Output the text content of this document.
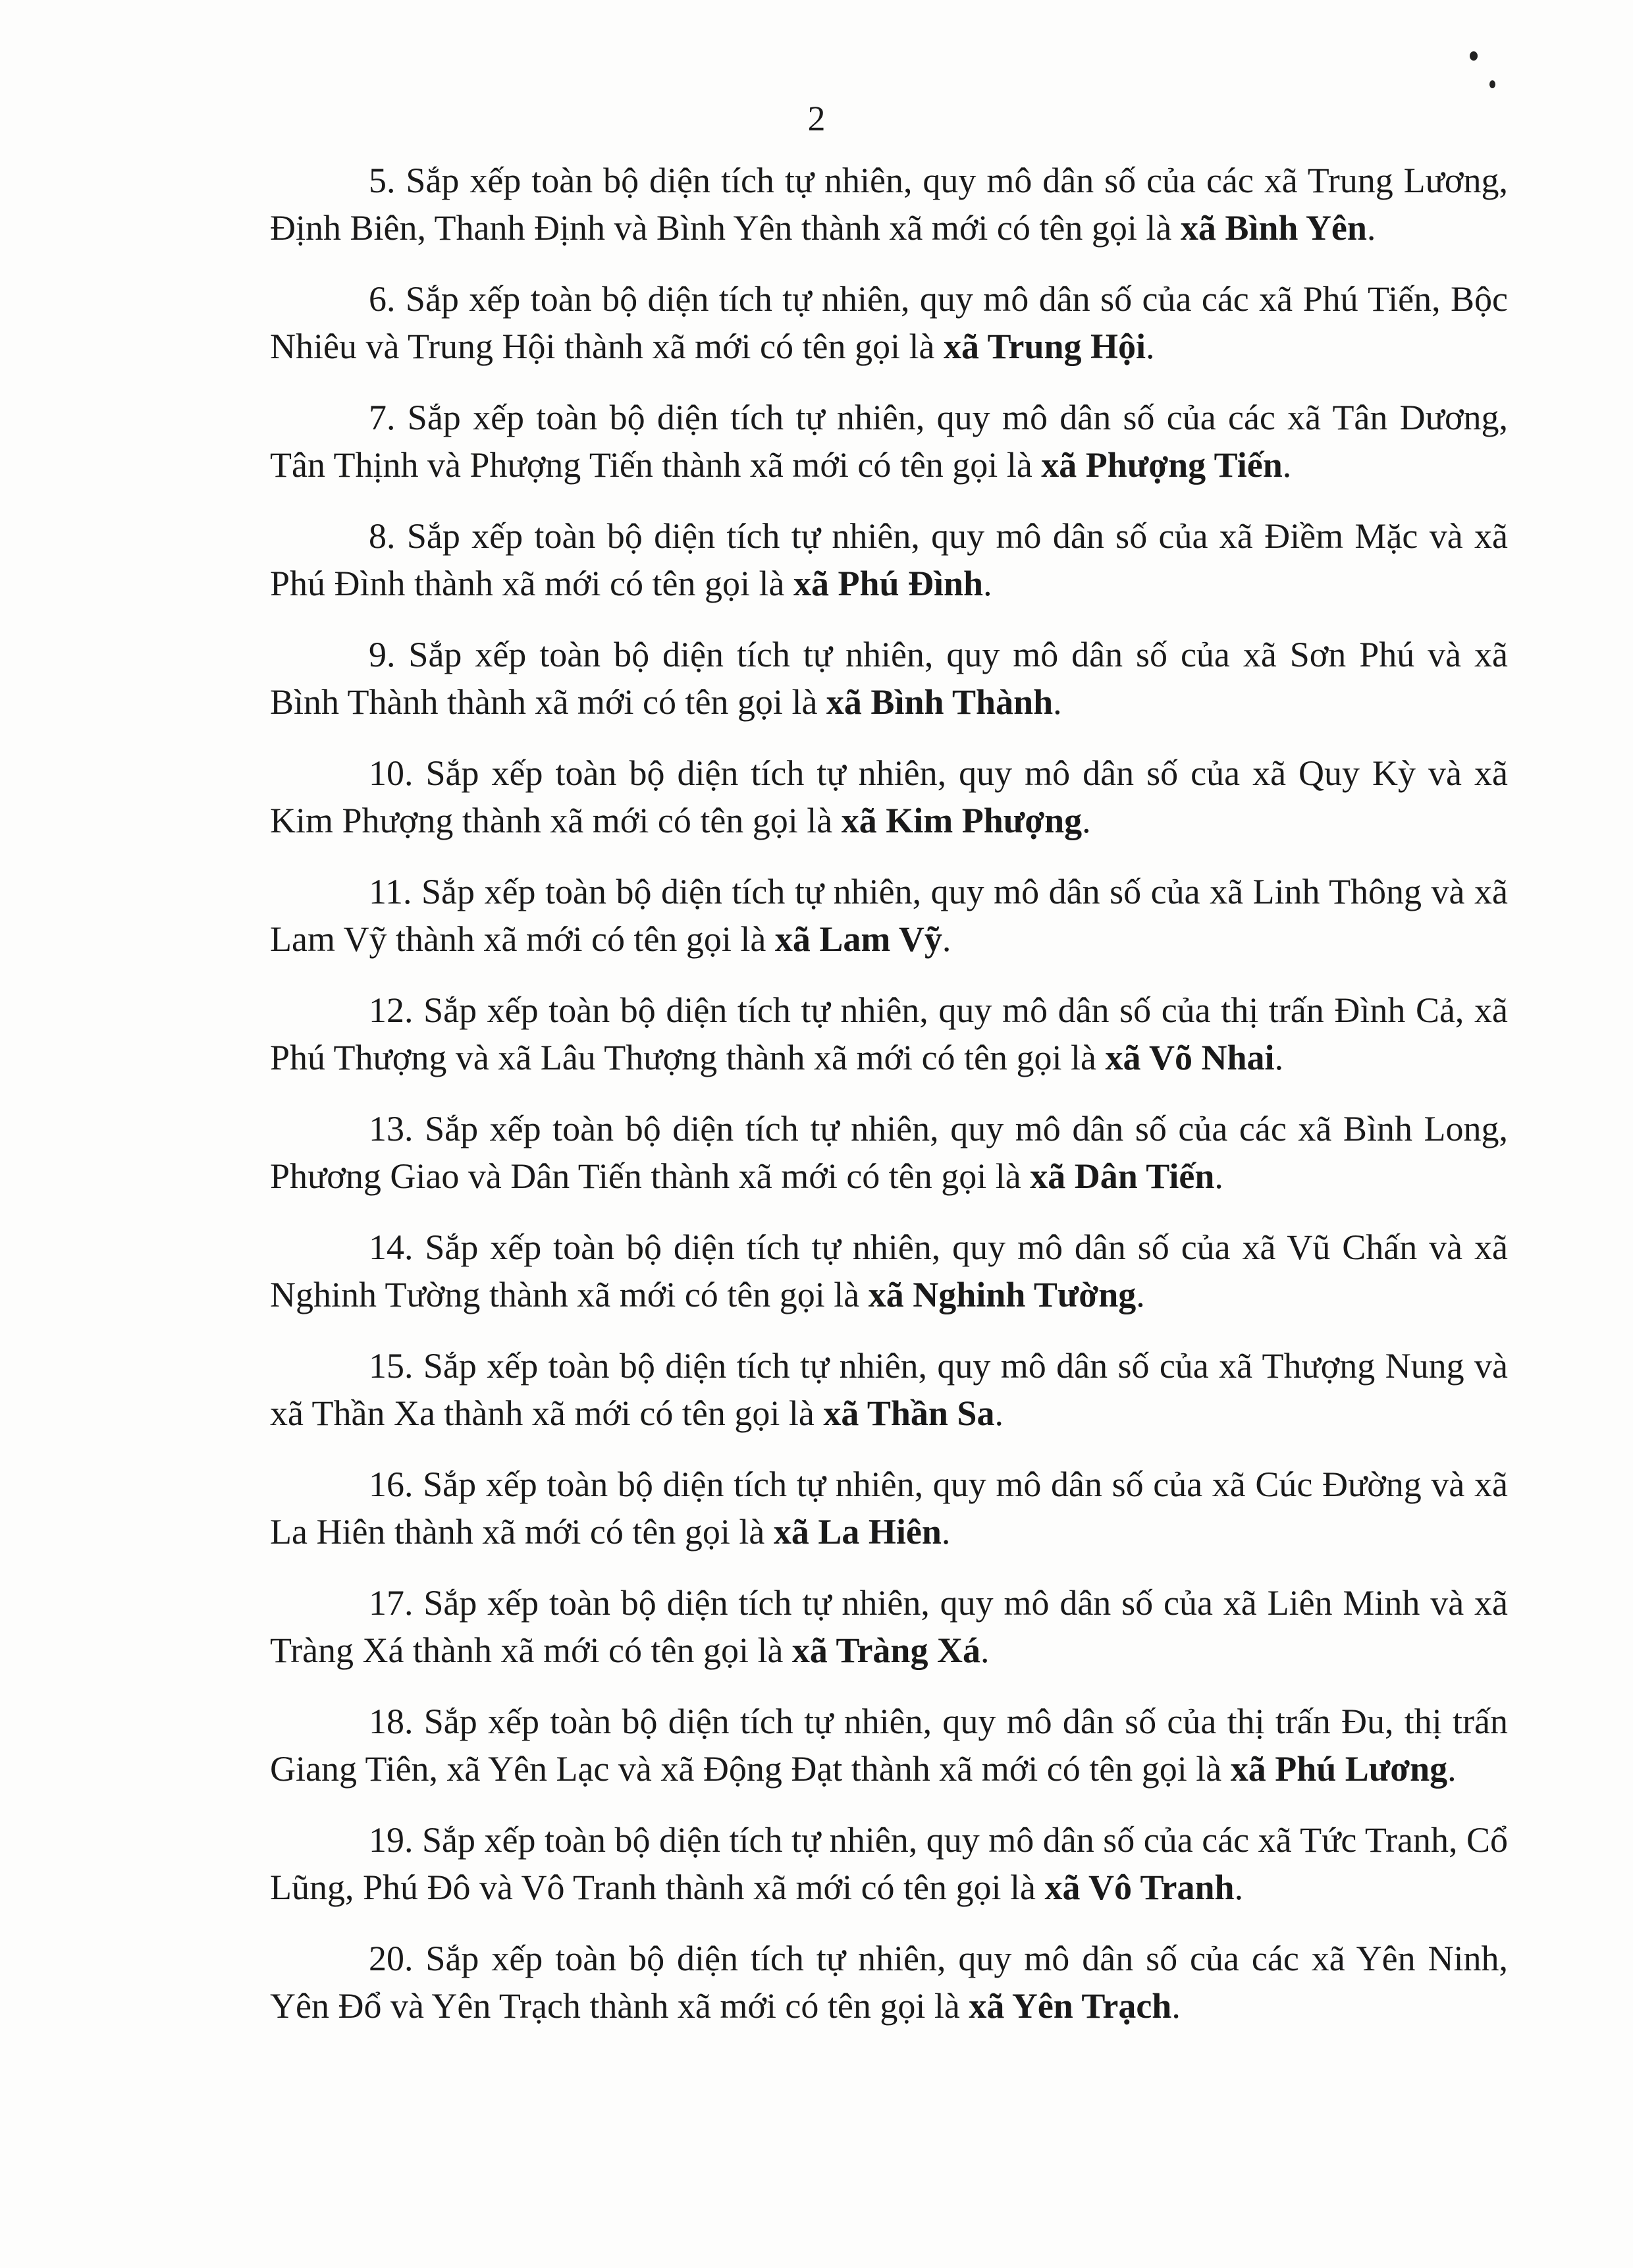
2

5. Sắp xếp toàn bộ diện tích tự nhiên, quy mô dân số của các xã Trung Lương, Định Biên, Thanh Định và Bình Yên thành xã mới có tên gọi là xã Bình Yên.

6. Sắp xếp toàn bộ diện tích tự nhiên, quy mô dân số của các xã Phú Tiến, Bộc Nhiêu và Trung Hội thành xã mới có tên gọi là xã Trung Hội.

7. Sắp xếp toàn bộ diện tích tự nhiên, quy mô dân số của các xã Tân Dương, Tân Thịnh và Phượng Tiến thành xã mới có tên gọi là xã Phượng Tiến.

8. Sắp xếp toàn bộ diện tích tự nhiên, quy mô dân số của xã Điềm Mặc và xã Phú Đình thành xã mới có tên gọi là xã Phú Đình.

9. Sắp xếp toàn bộ diện tích tự nhiên, quy mô dân số của xã Sơn Phú và xã Bình Thành thành xã mới có tên gọi là xã Bình Thành.

10. Sắp xếp toàn bộ diện tích tự nhiên, quy mô dân số của xã Quy Kỳ và xã Kim Phượng thành xã mới có tên gọi là xã Kim Phượng.

11. Sắp xếp toàn bộ diện tích tự nhiên, quy mô dân số của xã Linh Thông và xã Lam Vỹ thành xã mới có tên gọi là xã Lam Vỹ.

12. Sắp xếp toàn bộ diện tích tự nhiên, quy mô dân số của thị trấn Đình Cả, xã Phú Thượng và xã Lâu Thượng thành xã mới có tên gọi là xã Võ Nhai.

13. Sắp xếp toàn bộ diện tích tự nhiên, quy mô dân số của các xã Bình Long, Phương Giao và Dân Tiến thành xã mới có tên gọi là xã Dân Tiến.

14. Sắp xếp toàn bộ diện tích tự nhiên, quy mô dân số của xã Vũ Chấn và xã Nghinh Tường thành xã mới có tên gọi là xã Nghinh Tường.

15. Sắp xếp toàn bộ diện tích tự nhiên, quy mô dân số của xã Thượng Nung và xã Thần Xa thành xã mới có tên gọi là xã Thần Sa.

16. Sắp xếp toàn bộ diện tích tự nhiên, quy mô dân số của xã Cúc Đường và xã La Hiên thành xã mới có tên gọi là xã La Hiên.

17. Sắp xếp toàn bộ diện tích tự nhiên, quy mô dân số của xã Liên Minh và xã Tràng Xá thành xã mới có tên gọi là xã Tràng Xá.

18. Sắp xếp toàn bộ diện tích tự nhiên, quy mô dân số của thị trấn Đu, thị trấn Giang Tiên, xã Yên Lạc và xã Động Đạt thành xã mới có tên gọi là xã Phú Lương.

19. Sắp xếp toàn bộ diện tích tự nhiên, quy mô dân số của các xã Tức Tranh, Cổ Lũng, Phú Đô và Vô Tranh thành xã mới có tên gọi là xã Vô Tranh.

20. Sắp xếp toàn bộ diện tích tự nhiên, quy mô dân số của các xã Yên Ninh, Yên Đổ và Yên Trạch thành xã mới có tên gọi là xã Yên Trạch.
